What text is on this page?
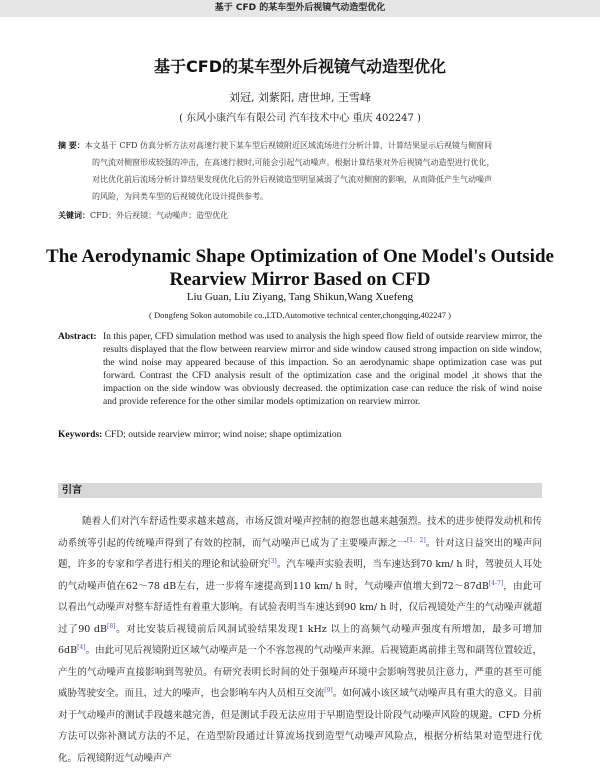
基于 CFD 的某车型外后视镜气动造型优化
基于CFD的某车型外后视镜气动造型优化
刘冠, 刘紫阳, 唐世坤, 王雪峰
( 东风小康汽车有限公司 汽车技术中心 重庆 402247 )
摘 要：本文基于 CFD 仿真分析方法对高速行驶下某车型后视镜附近区域流场进行分析计算，计算结果显示后视镜与侧窗间
的气流对侧窗形成较强的冲击，在高速行驶时,可能会引起气动噪声。根据计算结果对外后视镜气动造型进行优化，
对比优化前后流场分析计算结果发现优化后的外后视镜造型明显减弱了气流对侧窗的影响，从而降低产生气动噪声
的风险，为同类车型的后视镜优化设计提供参考。
关键词：CFD；外后视镜；气动噪声；造型优化
The Aerodynamic Shape Optimization of One Model's Outside
Rearview Mirror Based on CFD
Liu Guan, Liu Ziyang, Tang Shikun,Wang Xuefeng
( Dongfeng Sokon automobile co.,LTD,Automotive technical center,chongqing,402247 )
Abstract: In this paper, CFD simulation method was used to analysis the high speed flow field of outside rearview mirror, the results displayed that the flow between rearview mirror and side window caused strong impaction on side window, the wind noise may appeared because of this impaction. So an aerodynamic shape optimization case was put forward. Contrast the CFD analysis result of the optimization case and the original model ,it shows that the impaction on the side window was obviously decreased. the optimization case can reduce the risk of wind noise and provide reference for the other similar models optimization on rearview mirror.
Keywords: CFD; outside rearview mirror; wind noise; shape optimization
引言

随着人们对汽车舒适性要求越来越高，市场反馈对噪声控制的抱怨也越来越强烈。技术的进步使得发动机和传动系统等引起的传统噪声得到了有效的控制，而气动噪声已成为了主要噪声源之一[1、2]。针对这日益突出的噪声问题，许多的专家和学者进行相关的理论和试验研究[3]。汽车噪声实验表明，当车速达到70 km/ h 时，驾驶员人耳处的气动噪声值在62～78 dB左右，进一步将车速提高到110 km/ h 时，气动噪声值增大到72～87dB[4-7]，由此可以看出气动噪声对整车舒适性有着重大影响。有试验表明当车速达到90 km/ h 时，仅后视镜处产生的气动噪声就超过了90 dB[8]。对比安装后视镜前后风洞试验结果发现1 kHz 以上的高频气动噪声强度有所增加，最多可增加6dB[4]。由此可见后视镜附近区域气动噪声是一个不容忽视的气动噪声来源。后视镜距离前排主驾和副驾位置较近，产生的气动噪声直接影响到驾驶员。有研究表明长时间的处于强噪声环境中会影响驾驶员注意力，严重的甚至可能威胁驾驶安全。而且，过大的噪声，也会影响车内人员相互交流[9]。如何减小该区域气动噪声具有重大的意义。目前对于气动噪声的测试手段越来越完善，但是测试手段无法应用于早期造型设计阶段气动噪声风险的规避。CFD 分析方法可以弥补测试方法的不足，在造型阶段通过计算流场找到造型气动噪声风险点，根据分析结果对造型进行优化。后视镜附近气动噪声产
